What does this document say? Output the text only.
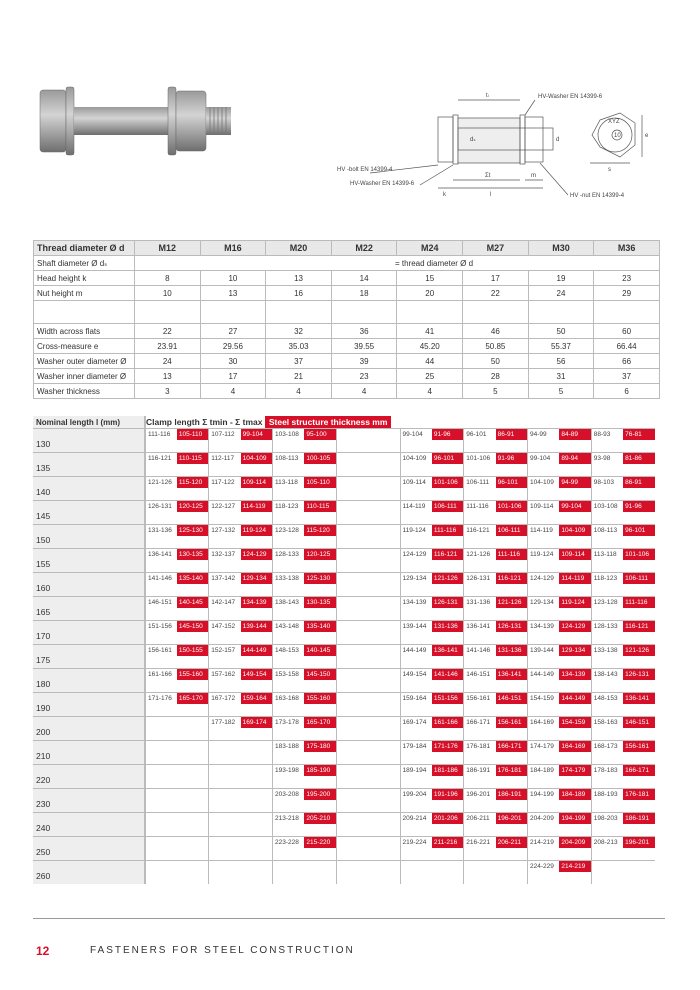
HV-Washer EN 14399-6
HV -bolt EN 14399-4
HV-Washer EN 14399-6
HV -nut EN 14399-4
tₗ
Σt
k	l
m
d
dₛ
e
s
XYZ
10
Thread diameter Ø d	M12	M16	M20	M22	M24	M27	M30	M36
Shaft diameter Ø dₛ	= thread diameter Ø d							
Head height k	8	10	13	14	15	17	19	23
Nut height m	10	13	16	18	20	22	24	29

Width across flats	22	27	32	36	41	46	50	60
Cross-measure e	23.91	29.56	35.03	39.55	45.20	50.85	55.37	66.44
Washer outer diameter Ø	24	30	37	39	44	50	56	66
Washer inner diameter Ø	13	17	21	23	25	28	31	37
Washer thickness	3	4	4	4	4	5	5	6
Nominal length l (mm)	Clamp length Σ tmin - Σ tmax Steel structure thickness mm															
130	111-116	105-110	107-112	99-104	103-108	95-100			99-104	91-96	96-101	86-91	94-99	84-89	88-93	76-81

135	116-121	110-115	112-117	104-109	108-113	100-105			104-109	96-101	101-106	91-96	99-104	89-94	93-98	81-86

140	121-126	115-120	117-122	109-114	113-118	105-110			109-114	101-106	106-111	96-101	104-109	94-99	98-103	86-91

145	126-131	120-125	122-127	114-119	118-123	110-115			114-119	106-111	111-116	101-106	109-114	99-104	103-108	91-96

150	131-136	125-130	127-132	119-124	123-128	115-120			119-124	111-116	116-121	106-111	114-119	104-109	108-113	96-101

155	136-141	130-135	132-137	124-129	128-133	120-125			124-129	116-121	121-126	111-116	119-124	109-114	113-118	101-106

160	141-146	135-140	137-142	129-134	133-138	125-130			129-134	121-126	126-131	116-121	124-129	114-119	118-123	106-111

165	146-151	140-145	142-147	134-139	138-143	130-135			134-139	126-131	131-136	121-126	129-134	119-124	123-128	111-116

170	151-156	145-150	147-152	139-144	143-148	135-140			139-144	131-136	136-141	126-131	134-139	124-129	128-133	116-121

175	156-161	150-155	152-157	144-149	148-153	140-145			144-149	136-141	141-146	131-136	139-144	129-134	133-138	121-126

180	161-166	155-160	157-162	149-154	153-158	145-150			149-154	141-146	146-151	136-141	144-149	134-139	138-143	126-131

190	171-176	165-170	167-172	159-164	163-168	155-160			159-164	151-156	156-161	146-151	154-159	144-149	148-153	136-141

200			177-182	169-174	173-178	165-170			169-174	161-166	166-171	156-161	164-169	154-159	158-163	146-151

210					183-188	175-180			179-184	171-176	176-181	166-171	174-179	164-169	168-173	156-161

220					193-198	185-190			189-194	181-186	186-191	176-181	184-189	174-179	178-183	166-171

230					203-208	195-200			199-204	191-196	196-201	186-191	194-199	184-189	188-193	176-181

240					213-218	205-210			209-214	201-206	206-211	196-201	204-209	194-199	198-203	186-191

250					223-228	215-220			219-224	211-216	216-221	206-211	214-219	204-209	208-213	196-201

260													224-229	214-219		

12	FASTENERS FOR STEEL CONSTRUCTION
